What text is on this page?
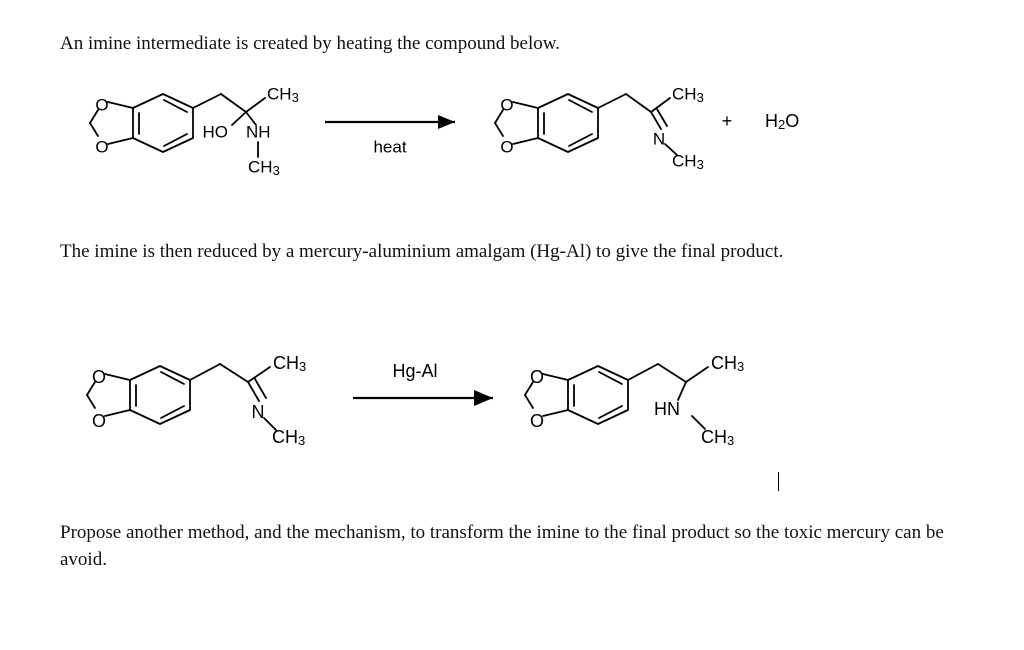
An imine intermediate is created by heating the compound below.
O
O
$CH_3$
HO NH
$CH_3$
heat
O
O
$CH_3$
N
$CH_3$
+ $H_2O$
The imine is then reduced by a mercury-aluminium amalgam (Hg-Al) to give the final product.
O
O
$CH_3$
N
$CH_3$
Hg-Al	O
O
$CH_3$
HN
$CH_3$
Propose another method, and the mechanism, to transform the imine to the final product so the toxic mercury can be avoid.
